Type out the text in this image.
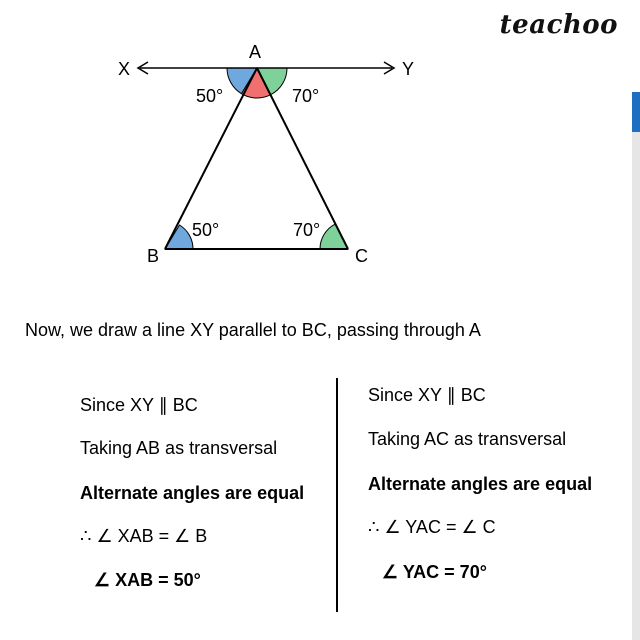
teachoo
A
X	Y
B	C
50°	70°
50°	70°
Now, we draw a line XY parallel to BC, passing through A
Since XY ∥ BC
Taking AB as transversal
Alternate angles are equal
∴ ∠ XAB = ∠ B
∠ XAB = 50°
Since XY ∥ BC
Taking AC as transversal
Alternate angles are equal
∴ ∠ YAC = ∠ C
∠ YAC = 70°
